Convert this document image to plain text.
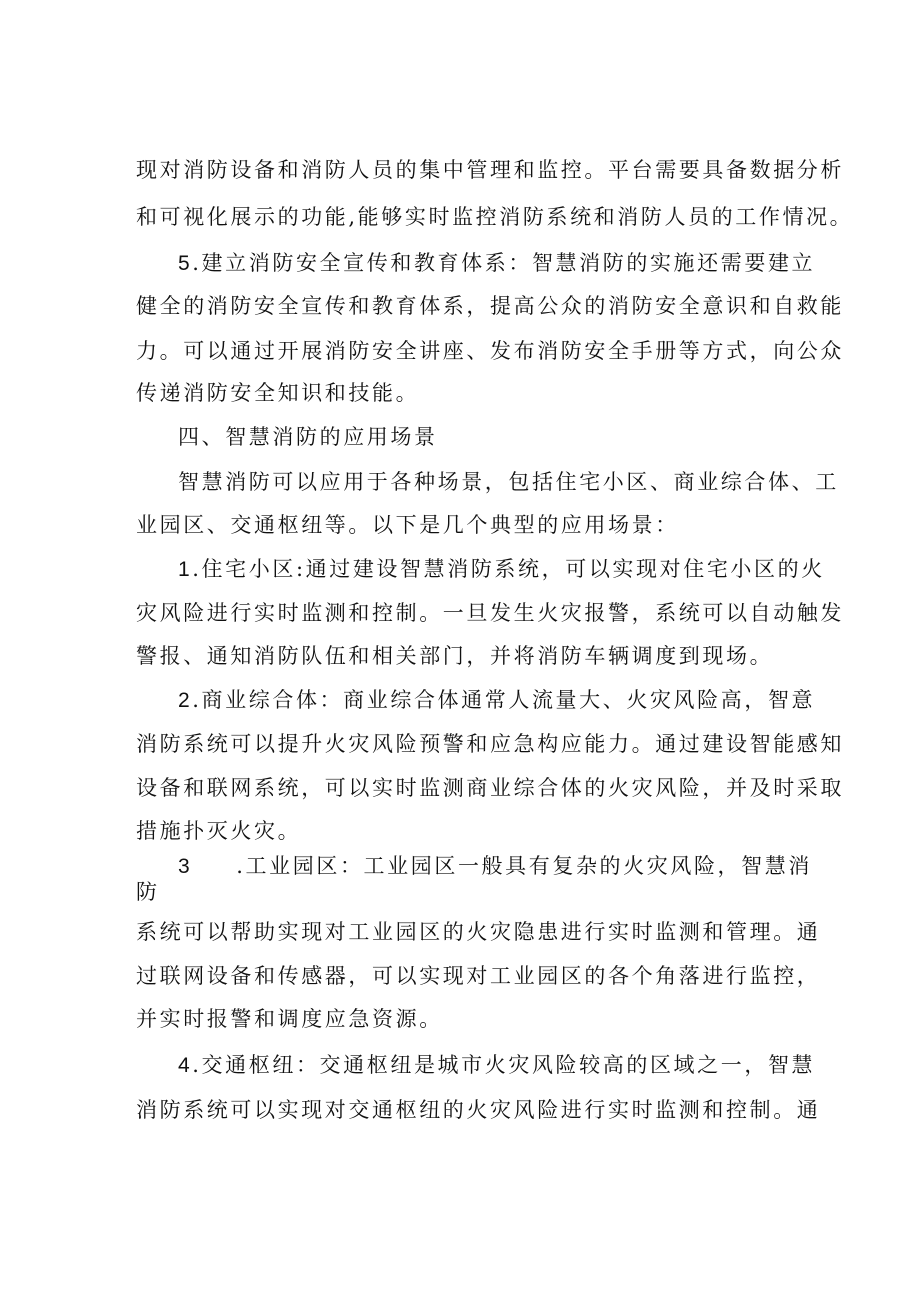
现对消防设备和消防人员的集中管理和监控。平台需要具备数据分析
和可视化展示的功能,能够实时监控消防系统和消防人员的工作情况。
5.建立消防安全宣传和教育体系：智慧消防的实施还需要建立
健全的消防安全宣传和教育体系，提高公众的消防安全意识和自救能
力。可以通过开展消防安全讲座、发布消防安全手册等方式，向公众
传递消防安全知识和技能。
四、智慧消防的应用场景
智慧消防可以应用于各种场景，包括住宅小区、商业综合体、工
业园区、交通枢纽等。以下是几个典型的应用场景：
1.住宅小区:通过建设智慧消防系统，可以实现对住宅小区的火
灾风险进行实时监测和控制。一旦发生火灾报警，系统可以自动触发
警报、通知消防队伍和相关部门，并将消防车辆调度到现场。
2.商业综合体：商业综合体通常人流量大、火灾风险高，智意
消防系统可以提升火灾风险预警和应急构应能力。通过建设智能感知
设备和联网系统，可以实时监测商业综合体的火灾风险，并及时采取
措施扑灭火灾。
3 .工业园区：工业园区一般具有复杂的火灾风险，智慧消
防
系统可以帮助实现对工业园区的火灾隐患进行实时监测和管理。通
过联网设备和传感器，可以实现对工业园区的各个角落进行监控，
并实时报警和调度应急资源。
4.交通枢纽：交通枢纽是城市火灾风险较高的区域之一，智慧
消防系统可以实现对交通枢纽的火灾风险进行实时监测和控制。通
